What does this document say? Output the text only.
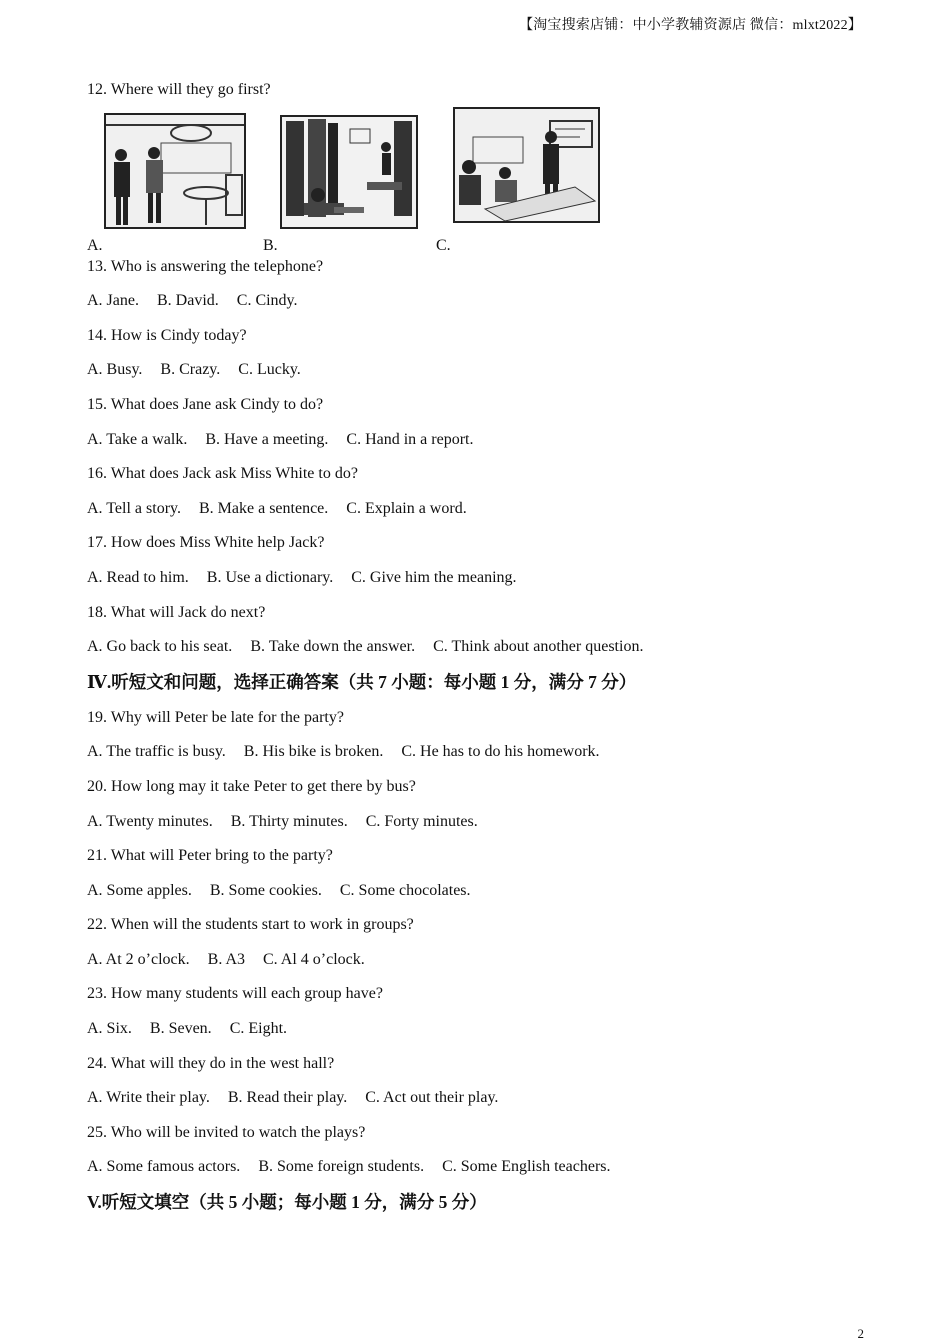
【淘宝搜索店铺：中小学教辅资源店 微信：mlxt2022】
12. Where will they go first?
A.	B.	C.
13. Who is answering the telephone?
A. Jane. B. David. C. Cindy.
14. How is Cindy today?
A. Busy. B. Crazy. C. Lucky.
15. What does Jane ask Cindy to do?
A. Take a walk. B. Have a meeting. C. Hand in a report.
16. What does Jack ask Miss White to do?
A. Tell a story. B. Make a sentence. C. Explain a word.
17. How does Miss White help Jack?
A. Read to him. B. Use a dictionary. C. Give him the meaning.
18. What will Jack do next?
A. Go back to his seat. B. Take down the answer. C. Think about another question.
Ⅳ.听短文和问题，选择正确答案（共 7 小题：每小题 1 分，满分 7 分）
19. Why will Peter be late for the party?
A. The traffic is busy. B. His bike is broken. C. He has to do his homework.
20. How long may it take Peter to get there by bus?
A. Twenty minutes. B. Thirty minutes. C. Forty minutes.
21. What will Peter bring to the party?
A. Some apples. B. Some cookies. C. Some chocolates.
22. When will the students start to work in groups?
A. At 2 o’clock. B. A3 C. Al 4 o’clock.
23. How many students will each group have?
A. Six. B. Seven. C. Eight.
24. What will they do in the west hall?
A. Write their play. B. Read their play. C. Act out their play.
25. Who will be invited to watch the plays?
A. Some famous actors. B. Some foreign students. C. Some English teachers.
V.听短文填空（共 5 小题；每小题 1 分，满分 5 分）
2
